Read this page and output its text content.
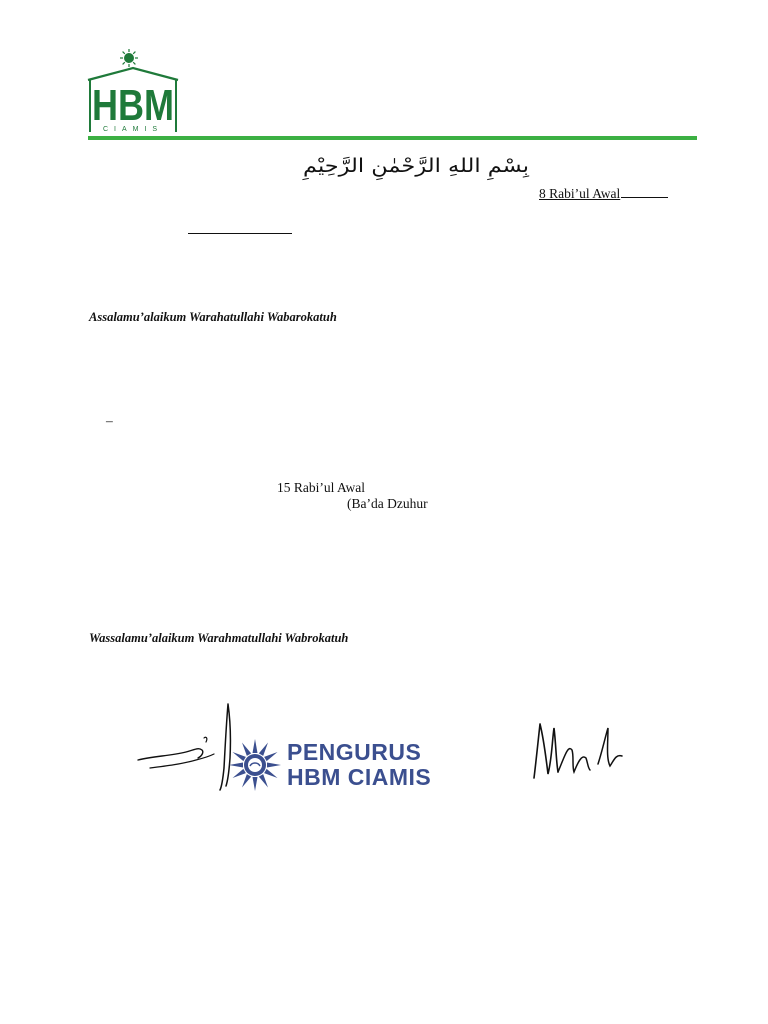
HBM
CIAMIS
بِسْمِ اللهِ الرَّحْمٰنِ الرَّحِيْمِ
8 Rabi’ul Awal
Assalamu’alaikum Warahatullahi Wabarokatuh
–
15 Rabi’ul Awal
(Ba’da Dzuhur
Wassalamu’alaikum Warahmatullahi Wabrokatuh
PENGURUS
HBM CIAMIS
